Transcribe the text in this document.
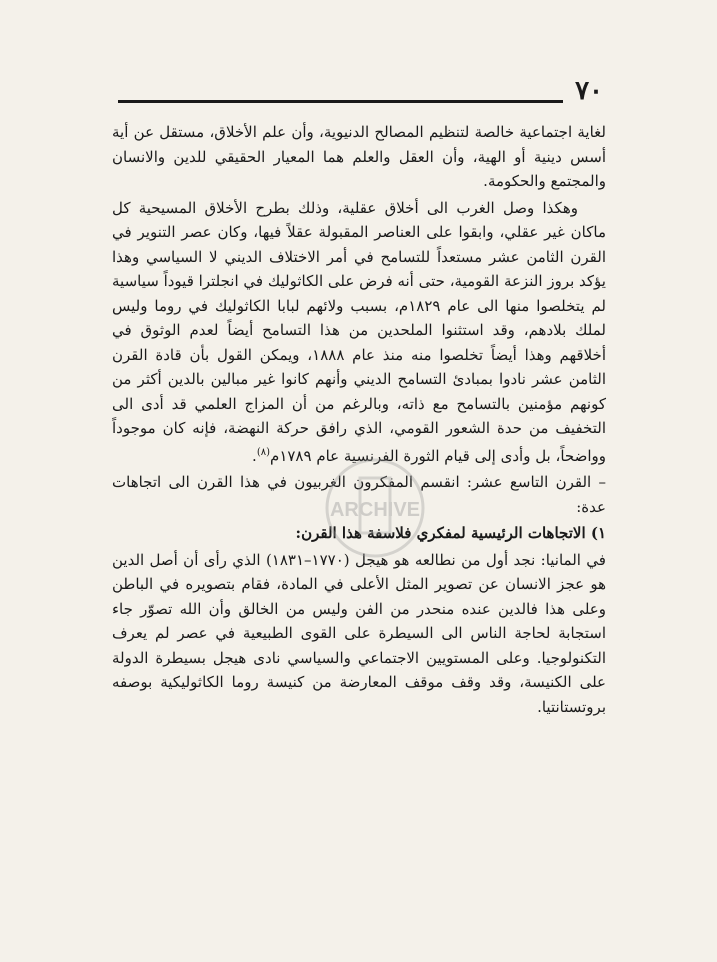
٧٠

لغاية اجتماعية خالصة لتنظيم المصالح الدنيوية، وأن علم الأخلاق، مستقل عن أية أسس دينية أو الهية، وأن العقل والعلم هما المعيار الحقيقي للدين والانسان والمجتمع والحكومة.

وهكذا وصل الغرب الى أخلاق عقلية، وذلك بطرح الأخلاق المسيحية كل ماكان غير عقلي، وابقوا على العناصر المقبولة عقلاً فيها، وكان عصر التنوير في القرن الثامن عشر مستعداً للتسامح في أمر الاختلاف الديني لا السياسي وهذا يؤكد بروز النزعة القومية، حتى أنه فرض على الكاثوليك في انجلترا قيوداً سياسية لم يتخلصوا منها الى عام ١٨٢٩م، بسبب ولائهم لبابا الكاثوليك في روما وليس لملك بلادهم، وقد استثنوا الملحدين من هذا التسامح أيضاً لعدم الوثوق في أخلاقهم وهذا أيضاً تخلصوا منه منذ عام ١٨٨٨، ويمكن القول بأن قادة القرن الثامن عشر نادوا بمبادئ التسامح الديني وأنهم كانوا غير مبالين بالدين أكثر من كونهم مؤمنين بالتسامح مع ذاته، وبالرغم من أن المزاج العلمي قد أدى الى التخفيف من حدة الشعور القومي، الذي رافق حركة النهضة، فإنه كان موجوداً وواضحاً، بل وأدى إلى قيام الثورة الفرنسية عام ١٧٨٩م$^{(٨)}$.

– القرن التاسع عشر: انقسم المفكرون الغربيون في هذا القرن الى اتجاهات عدة:

١) الاتجاهات الرئيسية لمفكري فلاسفة هذا القرن:

في المانيا: نجد أول من نطالعه هو هيجل (١٧٧٠–١٨٣١) الذي رأى أن أصل الدين هو عجز الانسان عن تصوير المثل الأعلى في المادة، فقام بتصويره في الباطن وعلى هذا فالدين عنده منحدر من الفن وليس من الخالق وأن الله تصوّر جاء استجابة لحاجة الناس الى السيطرة على القوى الطبيعية في عصر لم يعرف التكنولوجيا. وعلى المستويين الاجتماعي والسياسي نادى هيجل بسيطرة الدولة على الكنيسة، وقد وقف موقف المعارضة من كنيسة روما الكاثوليكية بوصفه بروتستانتيا.

ARCHIVE
